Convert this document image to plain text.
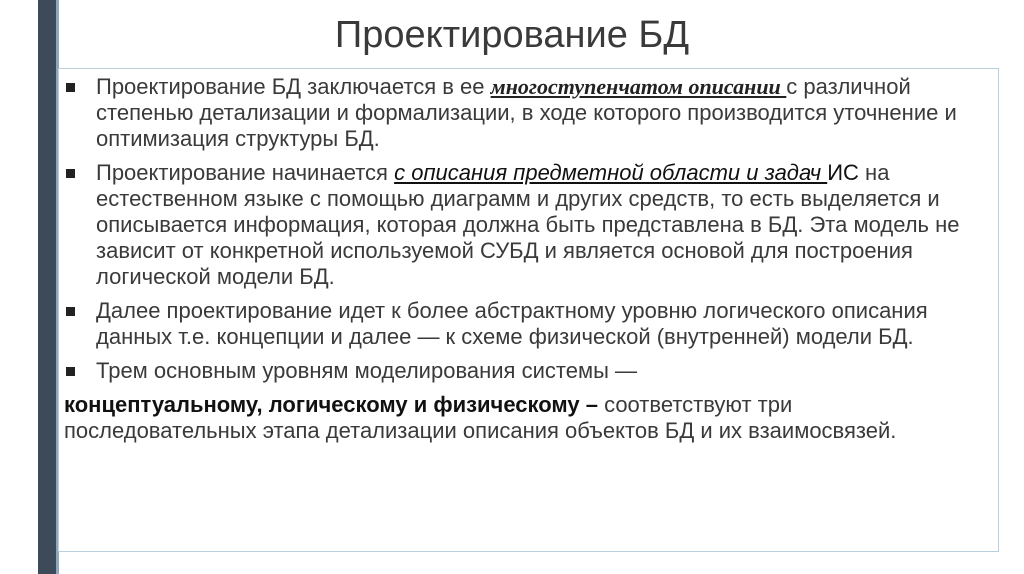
Проектирование БД
Проектирование БД заключается в ее многоступенчатом описании с различной степенью детализации и формализации, в ходе которого производится уточнение и оптимизация структуры БД.
Проектирование начинается с описания предметной области и задач ИС на естественном языке с помощью диаграмм и других средств, то есть выделяется и описывается информация, которая должна быть представлена в БД. Эта модель не зависит от конкретной используемой СУБД и является основой для построения логической модели БД.
Далее проектирование идет к более абстрактному уровню логического описания данных т.е. концепции и далее — к схеме физической (внутренней) модели БД.
Трем основным уровням моделирования системы —
концептуальному, логическому и физическому – соответствуют три последовательных этапа детализации описания объектов БД и их взаимосвязей.
